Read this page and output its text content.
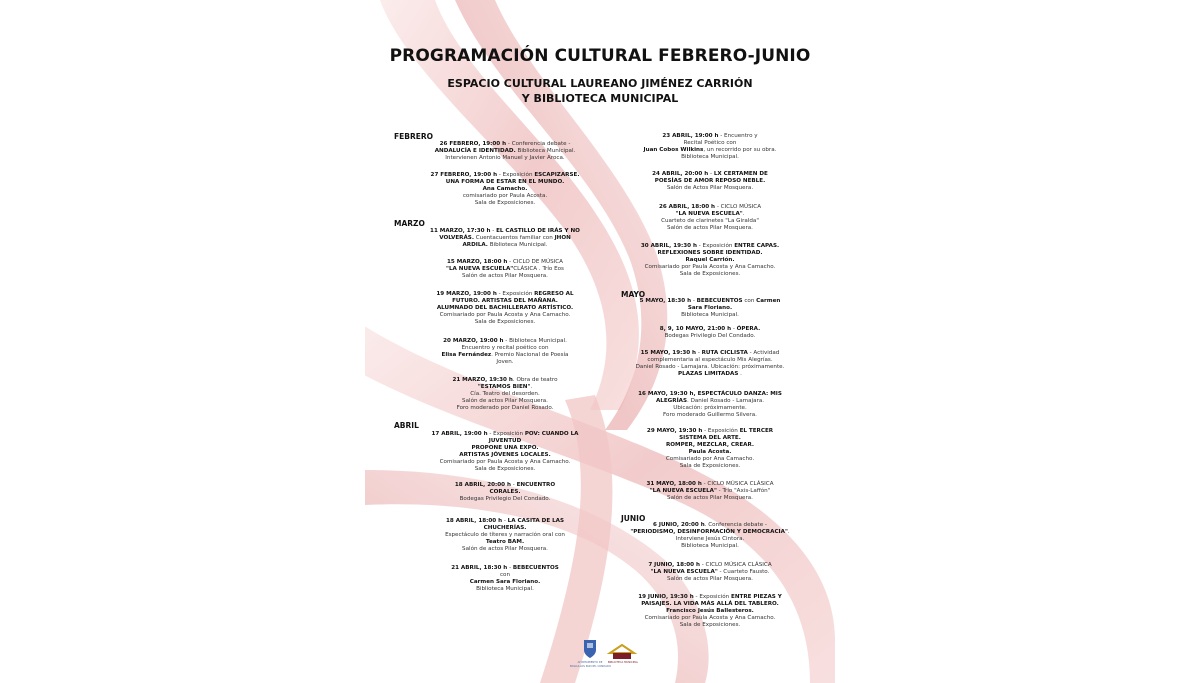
PROGRAMACIÓN CULTURAL FEBRERO-JUNIO
ESPACIO CULTURAL LAUREANO JIMÉNEZ CARRIÓN
Y BIBLIOTECA MUNICIPAL
FEBRERO
MARZO
ABRIL
MAYO
JUNIO
26 FEBRERO, 19:00 h - Conferencia debate -
ANDALUCÍA E IDENTIDAD. Biblioteca Municipal.
Intervienen Antonio Manuel y Javier Aroca.
27 FEBRERO, 19:00 h - Exposición ESCAPIZARSE.
UNA FORMA DE ESTAR EN EL MUNDO.
Ana Camacho.
comisariado por Paula Acosta.
Sala de Exposiciones.
11 MARZO, 17:30 h - EL CASTILLO DE IRÁS Y NO
VOLVERÁS. Cuentacuentos familiar con JHON
ARDILA. Biblioteca Municipal.
15 MARZO, 18:00 h - CICLO DE MÚSICA
"LA NUEVA ESCUELA"CLÁSICA . Trío Eos
Salón de actos Pilar Mosquera.
19 MARZO, 19:00 h - Exposición REGRESO AL
FUTURO. ARTISTAS DEL MAÑANA.
ALUMNADO DEL BACHILLERATO ARTÍSTICO.
Comisariado por Paula Acosta y Ana Camacho.
Sala de Exposiciones.
20 MARZO, 19:00 h - Biblioteca Municipal.
Encuentro y recital poético con
Elisa Fernández. Premio Nacional de Poesía
Joven.
21 MARZO, 19:30 h. Obra de teatro
"ESTAMOS BIEN".
Cía. Teatro del desorden.
Salón de actos Pilar Mosquera.
Foro moderado por Daniel Rosado.
17 ABRIL, 19:00 h - Exposición POV: CUANDO LA
JUVENTUD
PROPONE UNA EXPO.
ARTISTAS JÓVENES LOCALES.
Comisariado por Paula Acosta y Ana Camacho.
Sala de Exposiciones.
18 ABRIL, 20:00 h - ENCUENTRO
CORALES.
Bodegas Privilegio Del Condado.
18 ABRIL, 18:00 h - LA CASITA DE LAS
CHUCHERÍAS.
Espectáculo de títeres y narración oral con
Teatro BAM.
Salón de actos Pilar Mosquera.
21 ABRIL, 18:30 h - BEBECUENTOS
con
Carmen Sara Floriano.
Biblioteca Municipal.
23 ABRIL, 19:00 h - Encuentro y
Recital Poético con
Juan Cobos Wilkins, un recorrido por su obra.
Biblioteca Municipal.
24 ABRIL, 20:00 h - LX CERTAMEN DE
POESÍAS DE AMOR REPOSO NEBLE.
Salón de Actos Pilar Mosquera.
26 ABRIL, 18:00 h - CICLO MÚSICA
"LA NUEVA ESCUELA".
Cuarteto de clarinetes "La Giralda"
Salón de actos Pilar Mosquera.
30 ABRIL, 19:30 h - Exposición ENTRE CAPAS.
REFLEXIONES SOBRE IDENTIDAD.
Raquel Carrión.
Comisariado por Paula Acosta y Ana Camacho.
Sala de Exposiciones.
5 MAYO, 18:30 h - BEBECUENTOS con Carmen
Sara Floriano.
Biblioteca Municipal.
8, 9, 10 MAYO, 21:00 h - ÓPERA.
Bodegas Privilegio Del Condado.
15 MAYO, 19:30 h - RUTA CICLISTA - Actividad
complementaria al espectáculo Mis Alegrías.
Daniel Rosado - Lamajara. Ubicación: próximamente.
PLAZAS LIMITADAS .
16 MAYO, 19:30 h, ESPECTÁCULO DANZA: MIS
ALEGRÍAS. Daniel Rosado - Lamajara.
Ubicación: próximamente.
Foro moderado Guillermo Silvera.
29 MAYO, 19:30 h - Exposición EL TERCER
SISTEMA DEL ARTE.
ROMPER, MEZCLAR, CREAR.
Paula Acosta.
Comisariado por Ana Camacho.
Sala de Exposiciones.
31 MAYO, 18:00 h - CICLO MÚSICA CLÁSICA
"LA NUEVA ESCUELA" - Trío "Axis-Laffón"
Salón de actos Pilar Mosquera.
6 JUNIO, 20:00 h. Conferencia debate -
"PERIODISMO, DESINFORMACIÓN Y DEMOCRACIA".
Interviene Jesús Cintora.
Biblioteca Municipal.
7 JUNIO, 18:00 h - CICLO MÚSICA CLÁSICA
"LA NUEVA ESCUELA" - Cuarteto Fausto.
Salón de actos Pilar Mosquera.
19 JUNIO, 19:30 h - Exposición ENTRE PIEZAS Y
PAISAJES. LA VIDA MÁS ALLÁ DEL TABLERO.
Francisco Jesús Ballesteros.
Comisariado por Paula Acosta y Ana Camacho.
Sala de Exposiciones.
AYUNTAMIENTO DE
BOLLULLOS PAR DEL CONDADO
BIBLIOTECA MUNICIPAL
